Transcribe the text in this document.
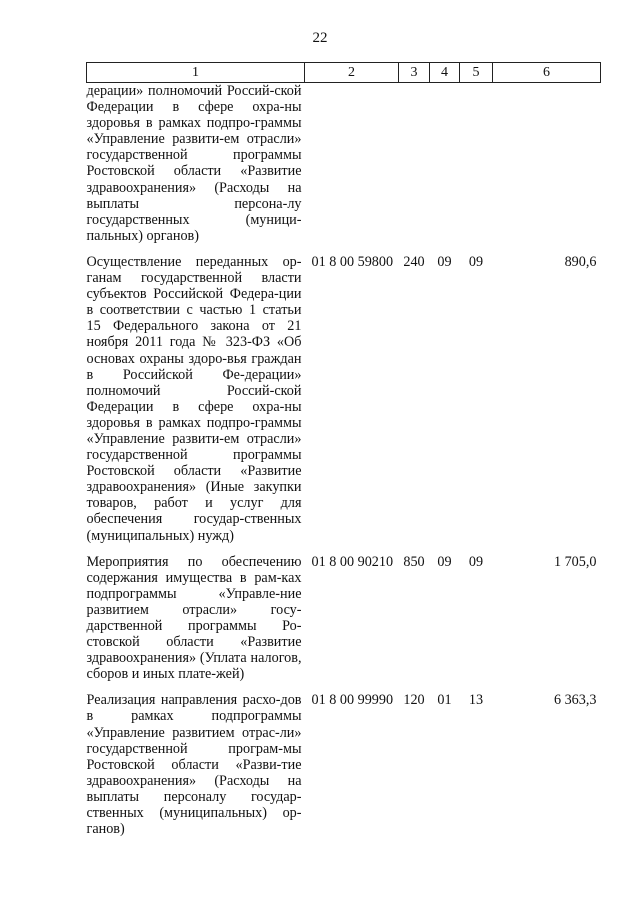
22
1	2	3	4	5	6
дерации» полномочий Россий-ской Федерации в сфере охра-ны здоровья в рамках подпро-граммы «Управление развити-ем отрасли» государственной программы Ростовской области «Развитие здравоохранения» (Расходы на выплаты персона-лу государственных (муници-пальных) органов)					
Осуществление переданных ор-ганам государственной власти субъектов Российской Федера-ции в соответствии с частью 1 статьи 15 Федерального закона от 21 ноября 2011 года № 323-ФЗ «Об основах охраны здоро-вья граждан в Российской Фе-дерации» полномочий Россий-ской Федерации в сфере охра-ны здоровья в рамках подпро-граммы «Управление развити-ем отрасли» государственной программы Ростовской области «Развитие здравоохранения» (Иные закупки товаров, работ и услуг для обеспечения государ-ственных (муниципальных) нужд)	01 8 00 59800	240	09	09	890,6
Мероприятия по обеспечению содержания имущества в рам-ках подпрограммы «Управле-ние развитием отрасли» госу-дарственной программы Ро-стовской области «Развитие здравоохранения» (Уплата налогов, сборов и иных плате-жей)	01 8 00 90210	850	09	09	1 705,0
Реализация направления расхо-дов в рамках подпрограммы «Управление развитием отрас-ли» государственной програм-мы Ростовской области «Разви-тие здравоохранения» (Расходы на выплаты персоналу государ-ственных (муниципальных) ор-ганов)	01 8 00 99990	120	01	13	6 363,3
